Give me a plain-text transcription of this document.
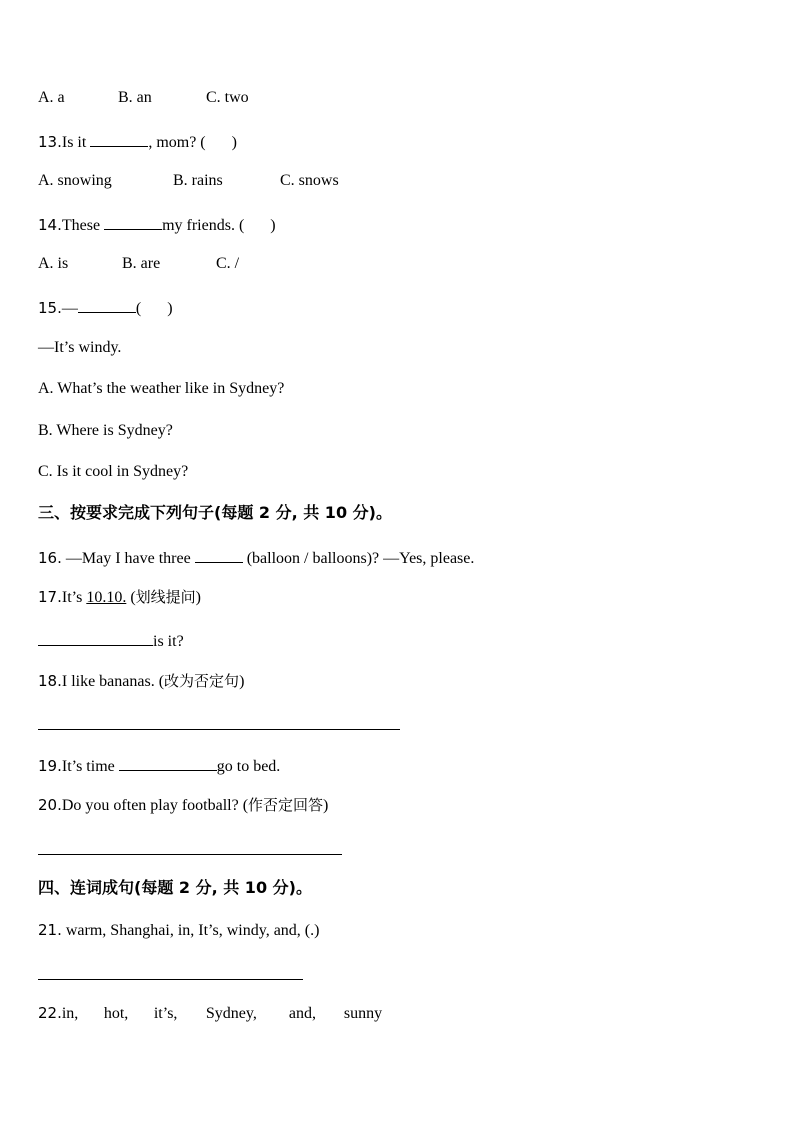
A. a	B. an	C. two
13.Is it	, mom? ( )
A. snowing	B. rains	C. snows
14.These	my friends. ( )
A. is	B. are	C. /
15.—	( )
—It’s windy.
A. What’s the weather like in Sydney?
B. Where is Sydney?
C. Is it cool in Sydney?
三、按要求完成下列句子(每题 2 分, 共 10 分)。
16. —May I have three	(balloon / balloons)? —Yes, please.
17.It’s 10.10. (划线提问)
is it?
18.I like bananas. (改为否定句)
19.It’s time	go to bed.
20.Do you often play football? (作否定回答)
四、连词成句(每题 2 分, 共 10 分)。
21. warm, Shanghai, in, It’s, windy, and, (.)
22.in, hot, it’s, Sydney, and, sunny
